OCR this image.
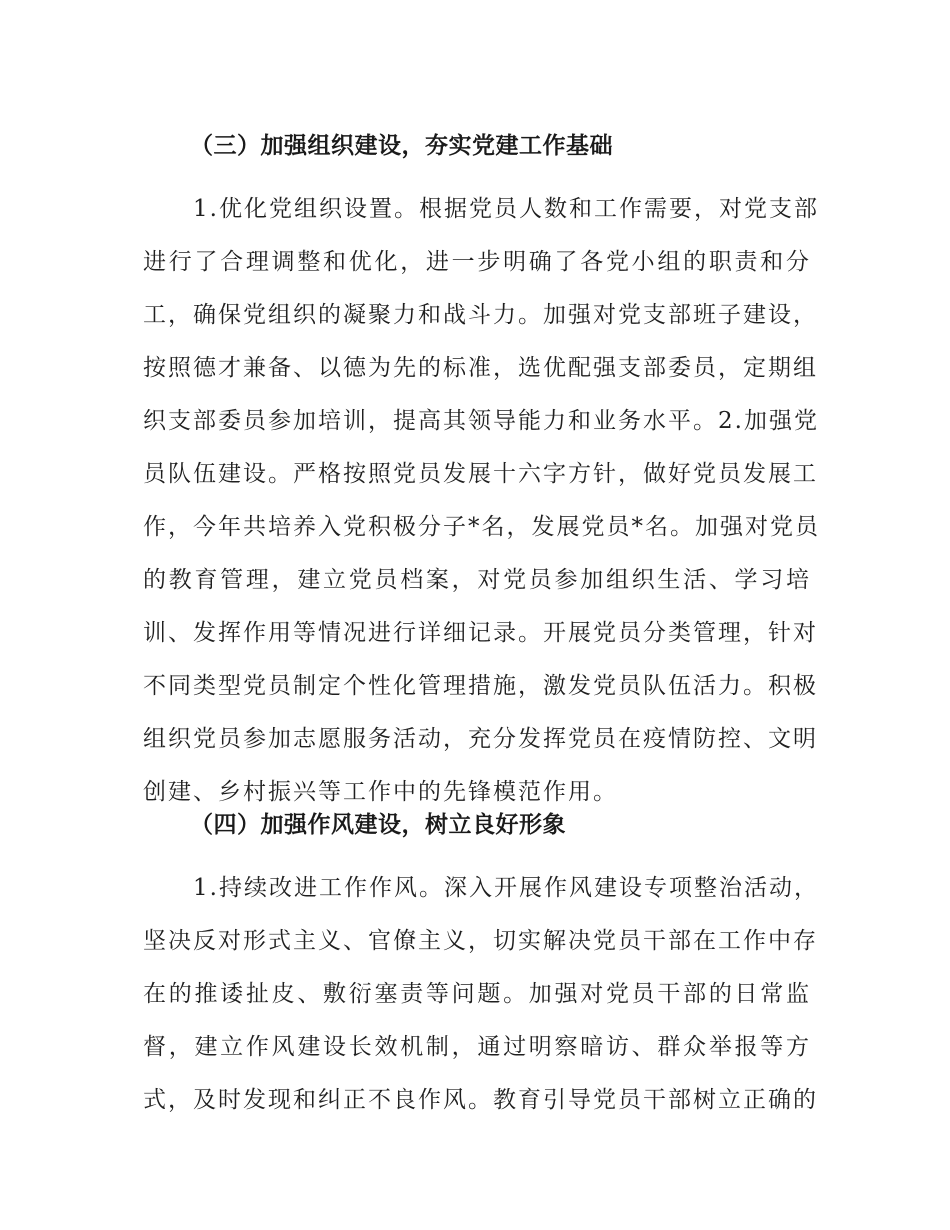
（三）加强组织建设，夯实党建工作基础
　　1.优化党组织设置。根据党员人数和工作需要，对党支部
进行了合理调整和优化，进一步明确了各党小组的职责和分
工，确保党组织的凝聚力和战斗力。加强对党支部班子建设，
按照德才兼备、以德为先的标准，选优配强支部委员，定期组
织支部委员参加培训，提高其领导能力和业务水平。2.加强党
员队伍建设。严格按照党员发展十六字方针，做好党员发展工
作，今年共培养入党积极分子*名，发展党员*名。加强对党员
的教育管理，建立党员档案，对党员参加组织生活、学习培
训、发挥作用等情况进行详细记录。开展党员分类管理，针对
不同类型党员制定个性化管理措施，激发党员队伍活力。积极
组织党员参加志愿服务活动，充分发挥党员在疫情防控、文明
创建、乡村振兴等工作中的先锋模范作用。
（四）加强作风建设，树立良好形象
　　1.持续改进工作作风。深入开展作风建设专项整治活动，
坚决反对形式主义、官僚主义，切实解决党员干部在工作中存
在的推诿扯皮、敷衍塞责等问题。加强对党员干部的日常监
督，建立作风建设长效机制，通过明察暗访、群众举报等方
式，及时发现和纠正不良作风。教育引导党员干部树立正确的
